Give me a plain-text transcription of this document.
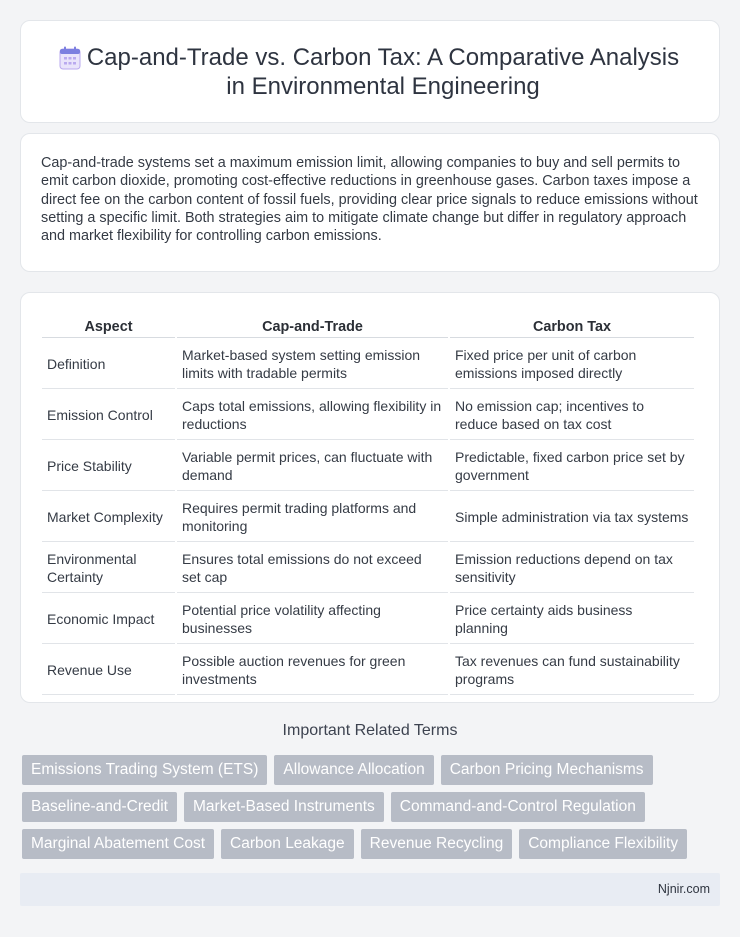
Cap-and-Trade vs. Carbon Tax: A Comparative Analysis in Environmental Engineering

Cap-and-trade systems set a maximum emission limit, allowing companies to buy and sell permits to emit carbon dioxide, promoting cost-effective reductions in greenhouse gases. Carbon taxes impose a direct fee on the carbon content of fossil fuels, providing clear price signals to reduce emissions without setting a specific limit. Both strategies aim to mitigate climate change but differ in regulatory approach and market flexibility for controlling carbon emissions.

Aspect	Cap-and-Trade	Carbon Tax
Definition	Market-based system setting emission limits with tradable permits	Fixed price per unit of carbon emissions imposed directly
Emission Control	Caps total emissions, allowing flexibility in reductions	No emission cap; incentives to reduce based on tax cost
Price Stability	Variable permit prices, can fluctuate with demand	Predictable, fixed carbon price set by government
Market Complexity	Requires permit trading platforms and monitoring	Simple administration via tax systems
Environmental Certainty	Ensures total emissions do not exceed set cap	Emission reductions depend on tax sensitivity
Economic Impact	Potential price volatility affecting businesses	Price certainty aids business planning
Revenue Use	Possible auction revenues for green investments	Tax revenues can fund sustainability programs
Important Related Terms
Emissions Trading System (ETS)	Allowance Allocation	Carbon Pricing Mechanisms
Baseline-and-Credit	Market-Based Instruments	Command-and-Control Regulation
Marginal Abatement Cost	Carbon Leakage	Revenue Recycling	Compliance Flexibility
Njnir.com
